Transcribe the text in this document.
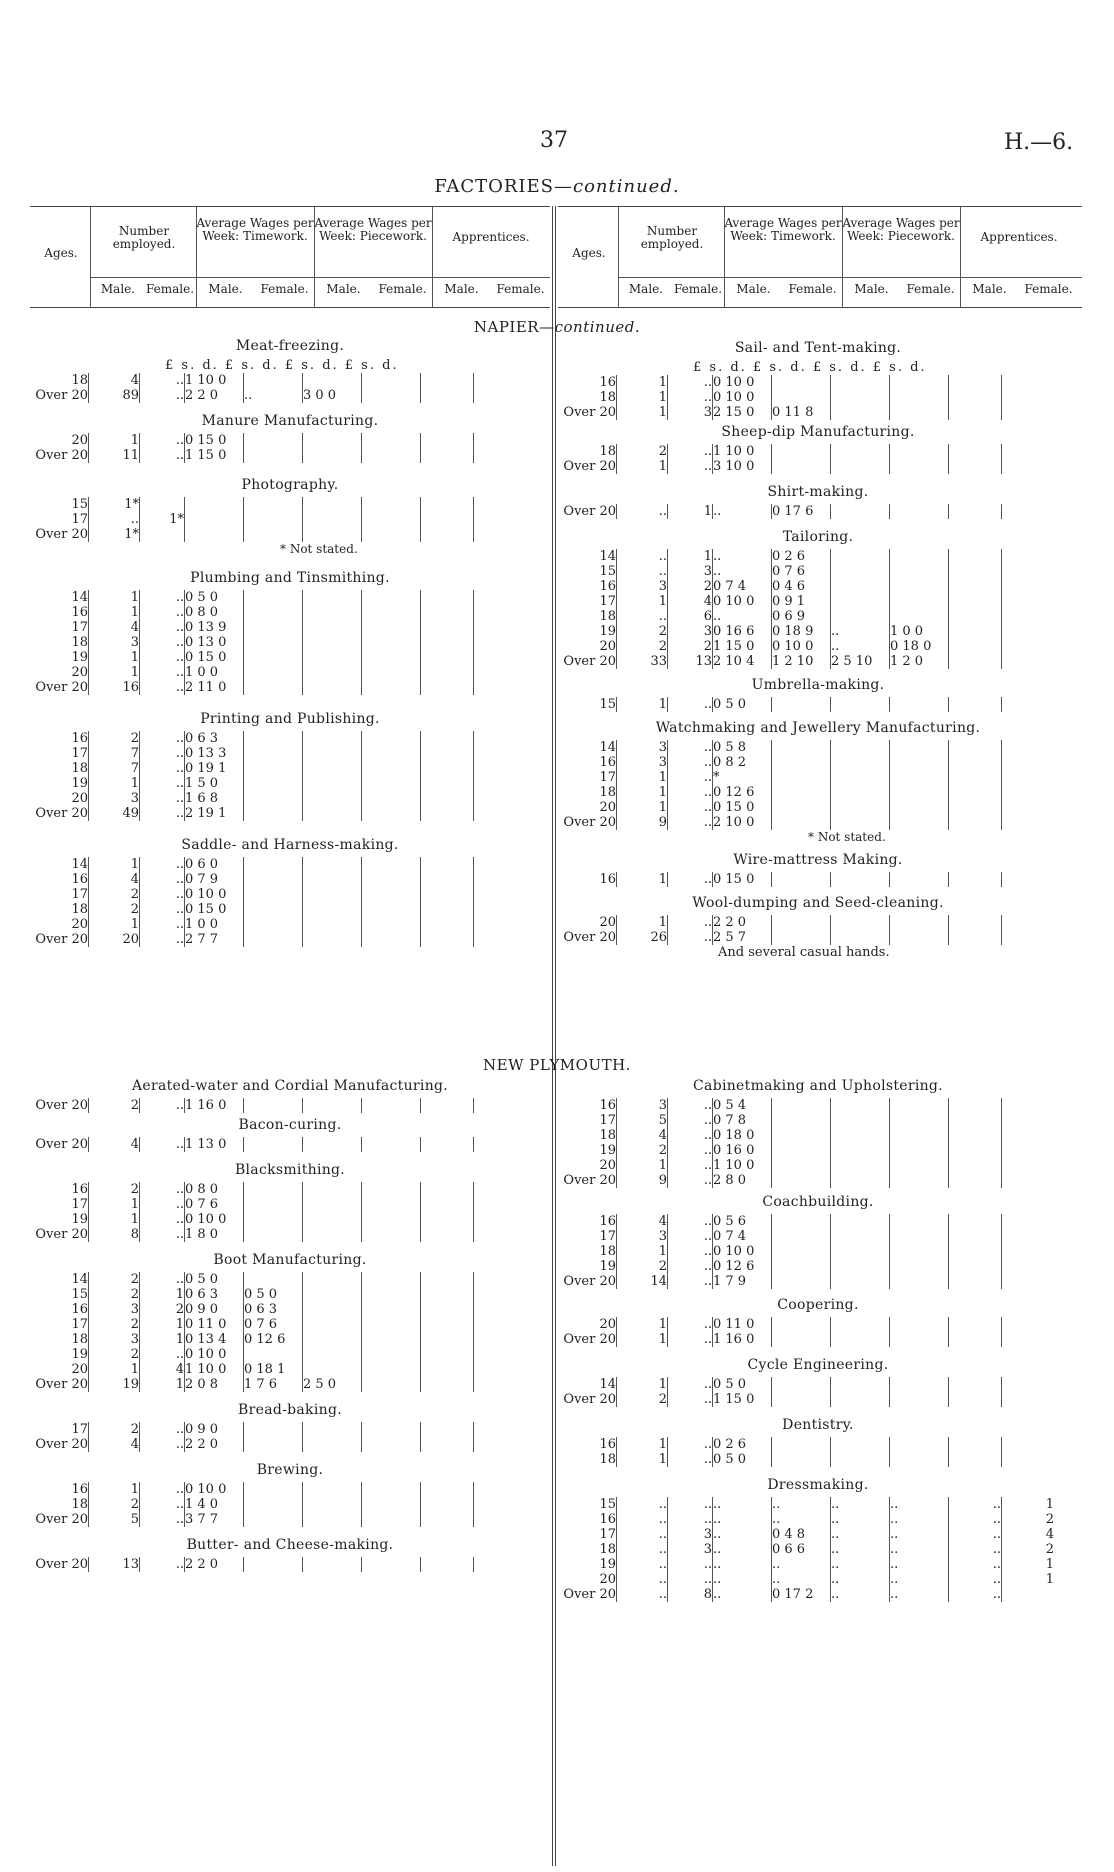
37	H.—6.
FACTORIES—continued.
Ages.
Number employed.
Average Wages per Week: Timework.
Average Wages per Week: Piecework.	Apprentices.
Male. Female.	Male.	Female.	Male.	Female.	Male.	Female.
Ages.
Number employed.
Average Wages per Week: Timework.
Average Wages per Week: Piecework.	Apprentices.
Male. Female.	Male.	Female.	Male.	Female.	Male.	Female.
NAPIER—continued.
Meat-freezing.
£ s. d. £ s. d. £ s. d. £ s. d.
18	4	..	1 10 0					
Over 20	89	..	2 2 0	..	3 0 0			
Manure Manufacturing.
20	1	..	0 15 0					
Over 20	11	..	1 15 0					
Photography.
15	1*							
17	..	1*						
Over 20	1*							
* Not stated.
Plumbing and Tinsmithing.
14	1	..	0 5 0					
16	1	..	0 8 0					
17	4	..	0 13 9					
18	3	..	0 13 0					
19	1	..	0 15 0					
20	1	..	1 0 0					
Over 20	16	..	2 11 0					
Printing and Publishing.
16	2	..	0 6 3					
17	7	..	0 13 3					
18	7	..	0 19 1					
19	1	..	1 5 0					
20	3	..	1 6 8					
Over 20	49	..	2 19 1					
Saddle- and Harness-making.
14	1	..	0 6 0					
16	4	..	0 7 9					
17	2	..	0 10 0					
18	2	..	0 15 0					
20	1	..	1 0 0					
Over 20	20	..	2 7 7					
Sail- and Tent-making.
£ s. d. £ s. d. £ s. d. £ s. d.
16	1	..	0 10 0					
18	1	..	0 10 0					
Over 20	1	3	2 15 0	0 11 8				
Sheep-dip Manufacturing.
18	2	..	1 10 0					
Over 20	1	..	3 10 0					
Shirt-making.
Over 20	..	1	..	0 17 6				
Tailoring.
14	..	1	..	0 2 6				
15	..	3	..	0 7 6				
16	3	2	0 7 4	0 4 6				
17	1	4	0 10 0	0 9 1				
18	..	6	..	0 6 9				
19	2	3	0 16 6	0 18 9	..	1 0 0		
20	2	2	1 15 0	0 10 0	..	0 18 0		
Over 20	33	13	2 10 4	1 2 10	2 5 10	1 2 0		
Umbrella-making.
15	1	..	0 5 0					
Watchmaking and Jewellery Manufacturing.
14	3	..	0 5 8					
16	3	..	0 8 2					
17	1	..	*					
18	1	..	0 12 6					
20	1	..	0 15 0					
Over 20	9	..	2 10 0					
* Not stated.
Wire-mattress Making.
16	1	..	0 15 0					
Wool-dumping and Seed-cleaning.
20	1	..	2 2 0					
Over 20	26	..	2 5 7					
And several casual hands.
NEW PLYMOUTH.
Aerated-water and Cordial Manufacturing.
Over 20	2	..	1 16 0					
Bacon-curing.
Over 20	4	..	1 13 0					
Blacksmithing.
16	2	..	0 8 0					
17	1	..	0 7 6					
19	1	..	0 10 0					
Over 20	8	..	1 8 0					
Boot Manufacturing.
14	2	..	0 5 0					
15	2	1	0 6 3	0 5 0				
16	3	2	0 9 0	0 6 3				
17	2	1	0 11 0	0 7 6				
18	3	1	0 13 4	0 12 6				
19	2	..	0 10 0					
20	1	4	1 10 0	0 18 1				
Over 20	19	1	2 0 8	1 7 6	2 5 0			
Bread-baking.
17	2	..	0 9 0					
Over 20	4	..	2 2 0					
Brewing.
16	1	..	0 10 0					
18	2	..	1 4 0					
Over 20	5	..	3 7 7					
Butter- and Cheese-making.
Over 20	13	..	2 2 0					
Cabinetmaking and Upholstering.
16	3	..	0 5 4					
17	5	..	0 7 8					
18	4	..	0 18 0					
19	2	..	0 16 0					
20	1	..	1 10 0					
Over 20	9	..	2 8 0					
Coachbuilding.
16	4	..	0 5 6					
17	3	..	0 7 4					
18	1	..	0 10 0					
19	2	..	0 12 6					
Over 20	14	..	1 7 9					
Coopering.
20	1	..	0 11 0					
Over 20	1	..	1 16 0					
Cycle Engineering.
14	1	..	0 5 0					
Over 20	2	..	1 15 0					
Dentistry.
16	1	..	0 2 6					
18	1	..	0 5 0					
Dressmaking.
15	..	..	..	..	..	..	..	1
16	..	..	..	..	..	..	..	2
17	..	3	..	0 4 8	..	..	..	4
18	..	3	..	0 6 6	..	..	..	2
19	..	..	..	..	..	..	..	1
20	..	..	..	..	..	..	..	1
Over 20	..	8	..	0 17 2	..	..	..	
